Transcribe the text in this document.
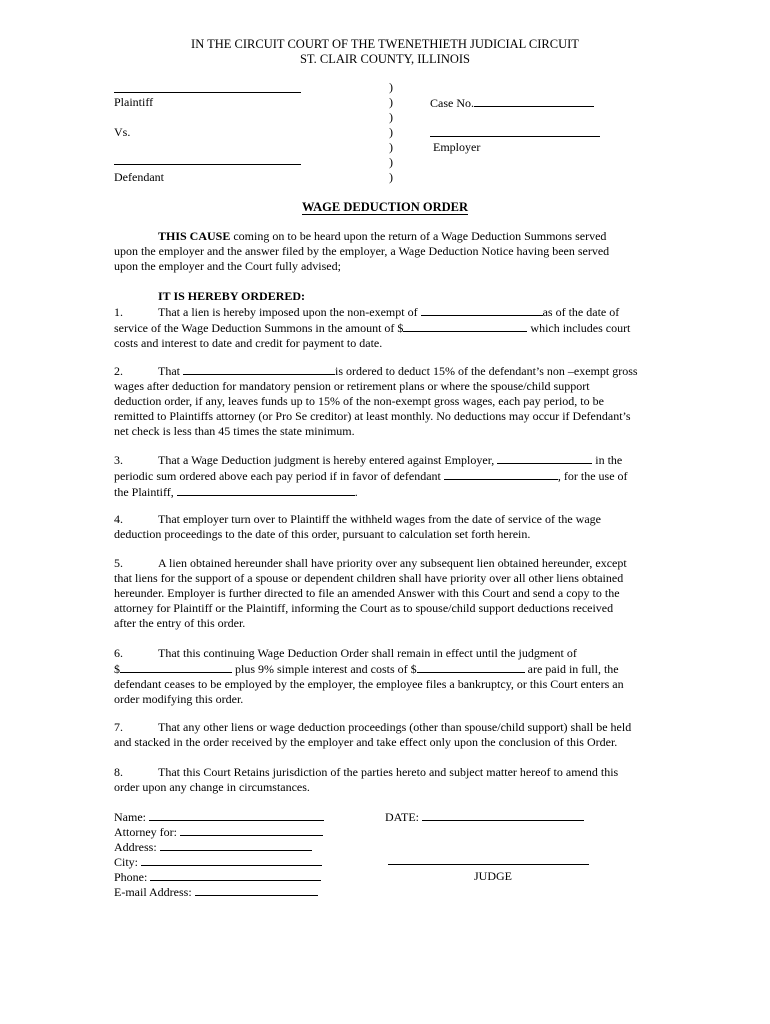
IN THE CIRCUIT COURT OF THE TWENETHIETH JUDICIAL CIRCUIT
ST. CLAIR COUNTY, ILLINOIS
Plaintiff
Vs.
Defendant
)
)
)
)
)
)
)
Case No.
Employer
WAGE DEDUCTION ORDER

THIS CAUSE coming on to be heard upon the return of a Wage Deduction Summons served

upon the employer and the answer filed by the employer, a Wage Deduction Notice having been served

upon the employer and the Court fully advised;

IT IS HEREBY ORDERED:

1.	That a lien is hereby imposed upon the non-exempt of	as of the date of

service of the Wage Deduction Summons in the amount of $	which includes court

costs and interest to date and credit for payment to date.

2.	That	is ordered to deduct 15% of the defendant’s non –exempt gross

wages after deduction for mandatory pension or retirement plans or where the spouse/child support

deduction order, if any, leaves funds up to 15% of the non-exempt gross wages, each pay period, to be

remitted to Plaintiffs attorney (or Pro Se creditor) at least monthly. No deductions may occur if Defendant’s

net check is less than 45 times the state minimum.

3.	That a Wage Deduction judgment is hereby entered against Employer,	in the

periodic sum ordered above each pay period if in favor of defendant	, for the use of

the Plaintiff,	.

4.	That employer turn over to Plaintiff the withheld wages from the date of service of the wage

deduction proceedings to the date of this order, pursuant to calculation set forth herein.

5.	A lien obtained hereunder shall have priority over any subsequent lien obtained hereunder, except

that liens for the support of a spouse or dependent children shall have priority over all other liens obtained

hereunder. Employer is further directed to file an amended Answer with this Court and send a copy to the

attorney for Plaintiff or the Plaintiff, informing the Court as to spouse/child support deductions received

after the entry of this order.

6.	That this continuing Wage Deduction Order shall remain in effect until the judgment of

$	plus 9% simple interest and costs of $	are paid in full, the

defendant ceases to be employed by the employer, the employee files a bankruptcy, or this Court enters an

order modifying this order.

7.	That any other liens or wage deduction proceedings (other than spouse/child support) shall be held

and stacked in the order received by the employer and take effect only upon the conclusion of this Order.

8.	That this Court Retains jurisdiction of the parties hereto and subject matter hereof to amend this

order upon any change in circumstances.

Name:
Attorney for:
Address:
City:
Phone:
E-mail Address:
DATE:
JUDGE
